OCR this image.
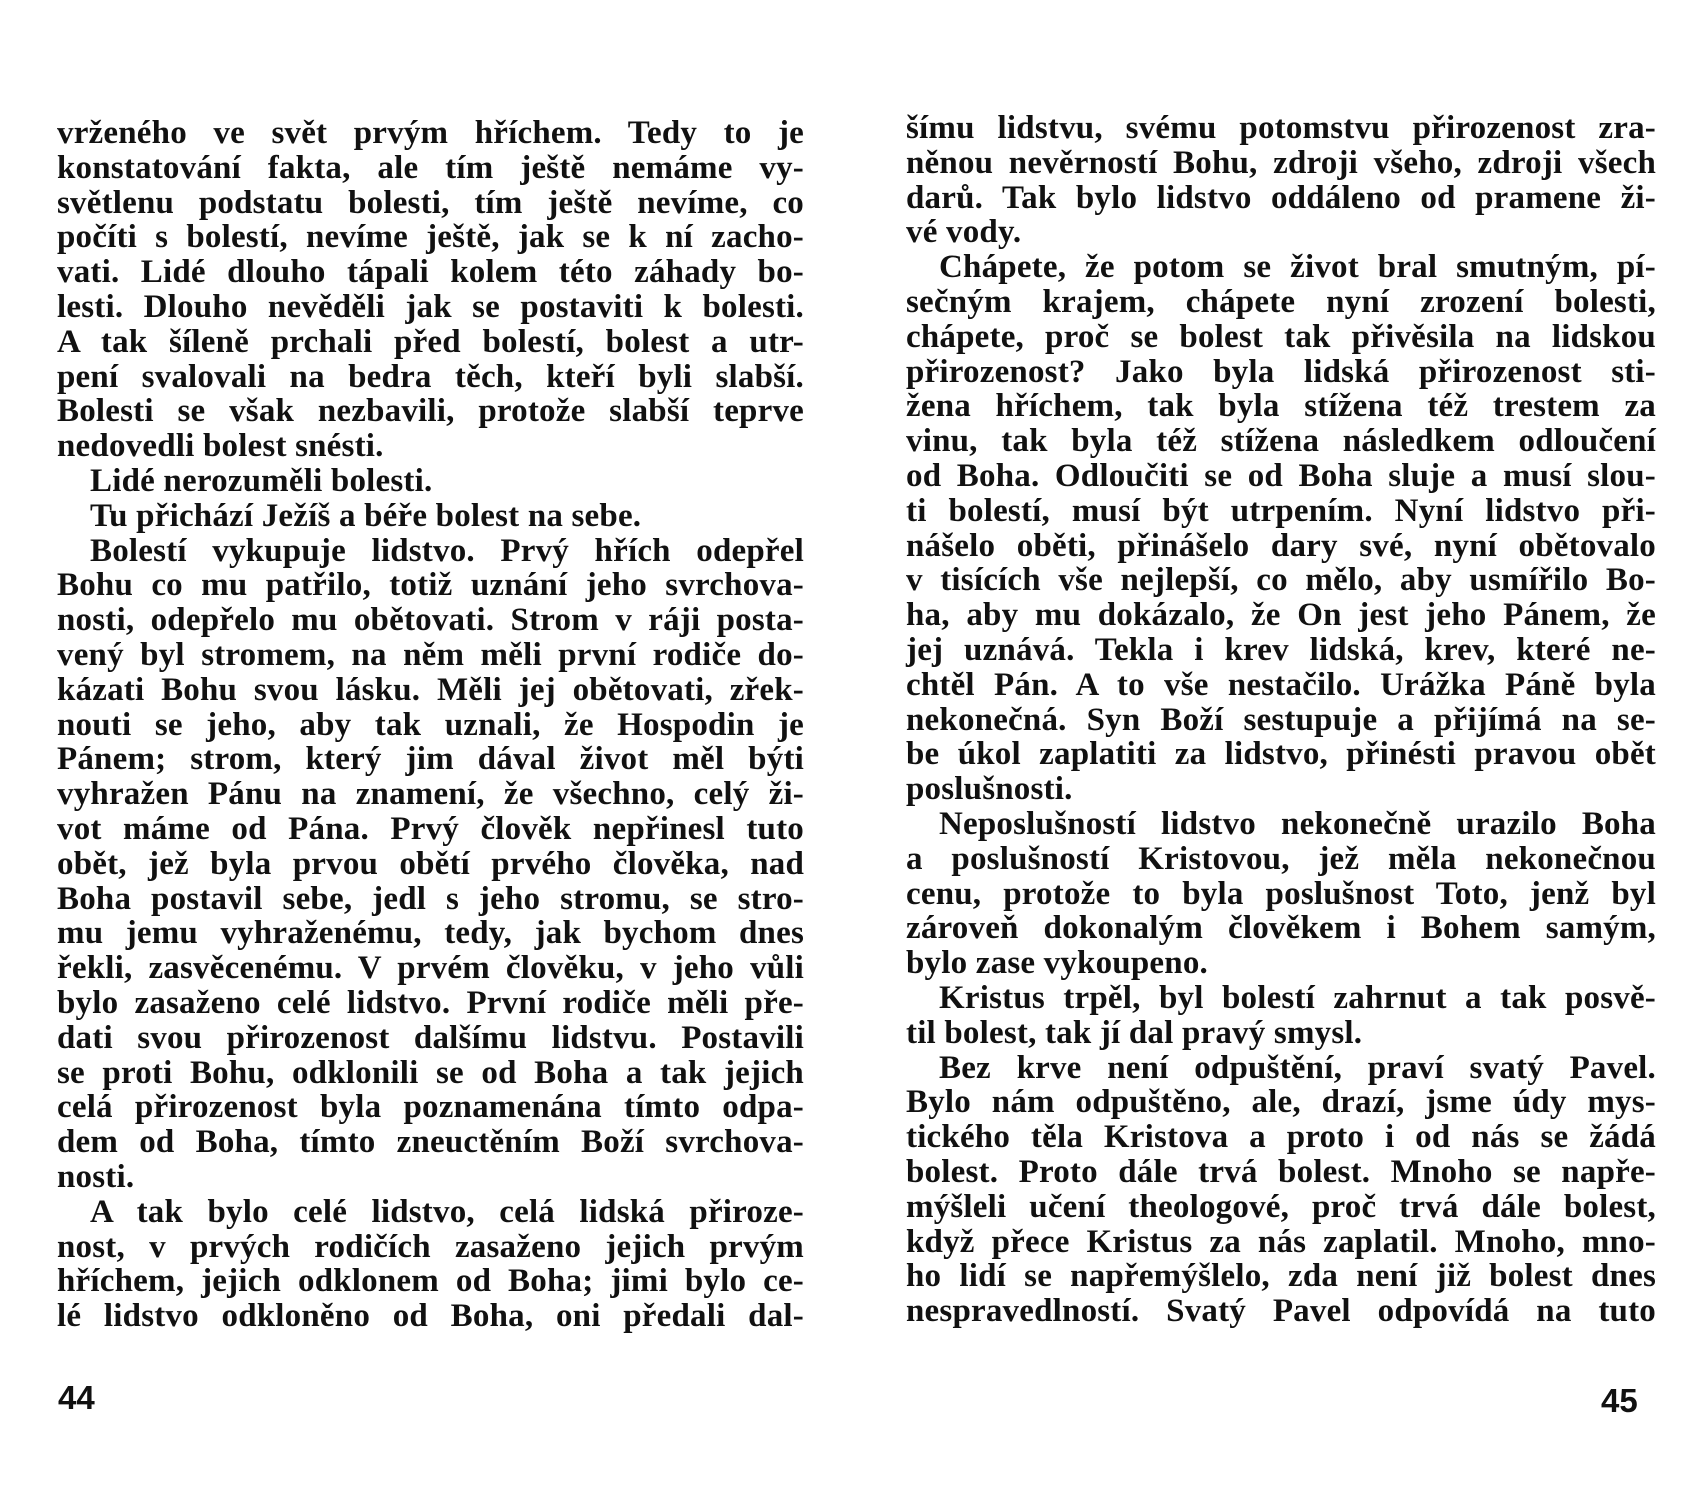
vrženého ve svět prvým hříchem. Tedy to je
konstatování fakta, ale tím ještě nemáme vy-
světlenu podstatu bolesti, tím ještě nevíme, co
počíti s bolestí, nevíme ještě, jak se k ní zacho-
vati. Lidé dlouho tápali kolem této záhady bo-
lesti. Dlouho nevěděli jak se postaviti k bolesti.
A tak šíleně prchali před bolestí, bolest a utr-
pení svalovali na bedra těch, kteří byli slabší.
Bolesti se však nezbavili, protože slabší teprve
nedovedli bolest snésti.
Lidé nerozuměli bolesti.
Tu přichází Ježíš a béře bolest na sebe.
Bolestí vykupuje lidstvo. Prvý hřích odepřel
Bohu co mu patřilo, totiž uznání jeho svrchova-
nosti, odepřelo mu obětovati. Strom v ráji posta-
vený byl stromem, na něm měli první rodiče do-
kázati Bohu svou lásku. Měli jej obětovati, zřek-
nouti se jeho, aby tak uznali, že Hospodin je
Pánem; strom, který jim dával život měl býti
vyhražen Pánu na znamení, že všechno, celý ži-
vot máme od Pána. Prvý člověk nepřinesl tuto
obět, jež byla prvou obětí prvého člověka, nad
Boha postavil sebe, jedl s jeho stromu, se stro-
mu jemu vyhraženému, tedy, jak bychom dnes
řekli, zasvěcenému. V prvém člověku, v jeho vůli
bylo zasaženo celé lidstvo. První rodiče měli pře-
dati svou přirozenost dalšímu lidstvu. Postavili
se proti Bohu, odklonili se od Boha a tak jejich
celá přirozenost byla poznamenána tímto odpa-
dem od Boha, tímto zneuctěním Boží svrchova-
nosti.
A tak bylo celé lidstvo, celá lidská přiroze-
nost, v prvých rodičích zasaženo jejich prvým
hříchem, jejich odklonem od Boha; jimi bylo ce-
lé lidstvo odkloněno od Boha, oni předali dal-
44
šímu lidstvu, svému potomstvu přirozenost zra-
něnou nevěrností Bohu, zdroji všeho, zdroji všech
darů. Tak bylo lidstvo oddáleno od pramene ži-
vé vody.
Chápete, že potom se život bral smutným, pí-
sečným krajem, chápete nyní zrození bolesti,
chápete, proč se bolest tak přivěsila na lidskou
přirozenost? Jako byla lidská přirozenost sti-
žena hříchem, tak byla stížena též trestem za
vinu, tak byla též stížena následkem odloučení
od Boha. Odloučiti se od Boha sluje a musí slou-
ti bolestí, musí být utrpením. Nyní lidstvo při-
nášelo oběti, přinášelo dary své, nyní obětovalo
v tisících vše nejlepší, co mělo, aby usmířilo Bo-
ha, aby mu dokázalo, že On jest jeho Pánem, že
jej uznává. Tekla i krev lidská, krev, které ne-
chtěl Pán. A to vše nestačilo. Urážka Páně byla
nekonečná. Syn Boží sestupuje a přijímá na se-
be úkol zaplatiti za lidstvo, přinésti pravou obět
poslušnosti.
Neposlušností lidstvo nekonečně urazilo Boha
a poslušností Kristovou, jež měla nekonečnou
cenu, protože to byla poslušnost Toto, jenž byl
zároveň dokonalým člověkem i Bohem samým,
bylo zase vykoupeno.
Kristus trpěl, byl bolestí zahrnut a tak posvě-
til bolest, tak jí dal pravý smysl.
Bez krve není odpuštění, praví svatý Pavel.
Bylo nám odpuštěno, ale, drazí, jsme údy mys-
tického těla Kristova a proto i od nás se žádá
bolest. Proto dále trvá bolest. Mnoho se napře-
mýšleli učení theologové, proč trvá dále bolest,
když přece Kristus za nás zaplatil. Mnoho, mno-
ho lidí se napřemýšlelo, zda není již bolest dnes
nespravedlností. Svatý Pavel odpovídá na tuto
45
